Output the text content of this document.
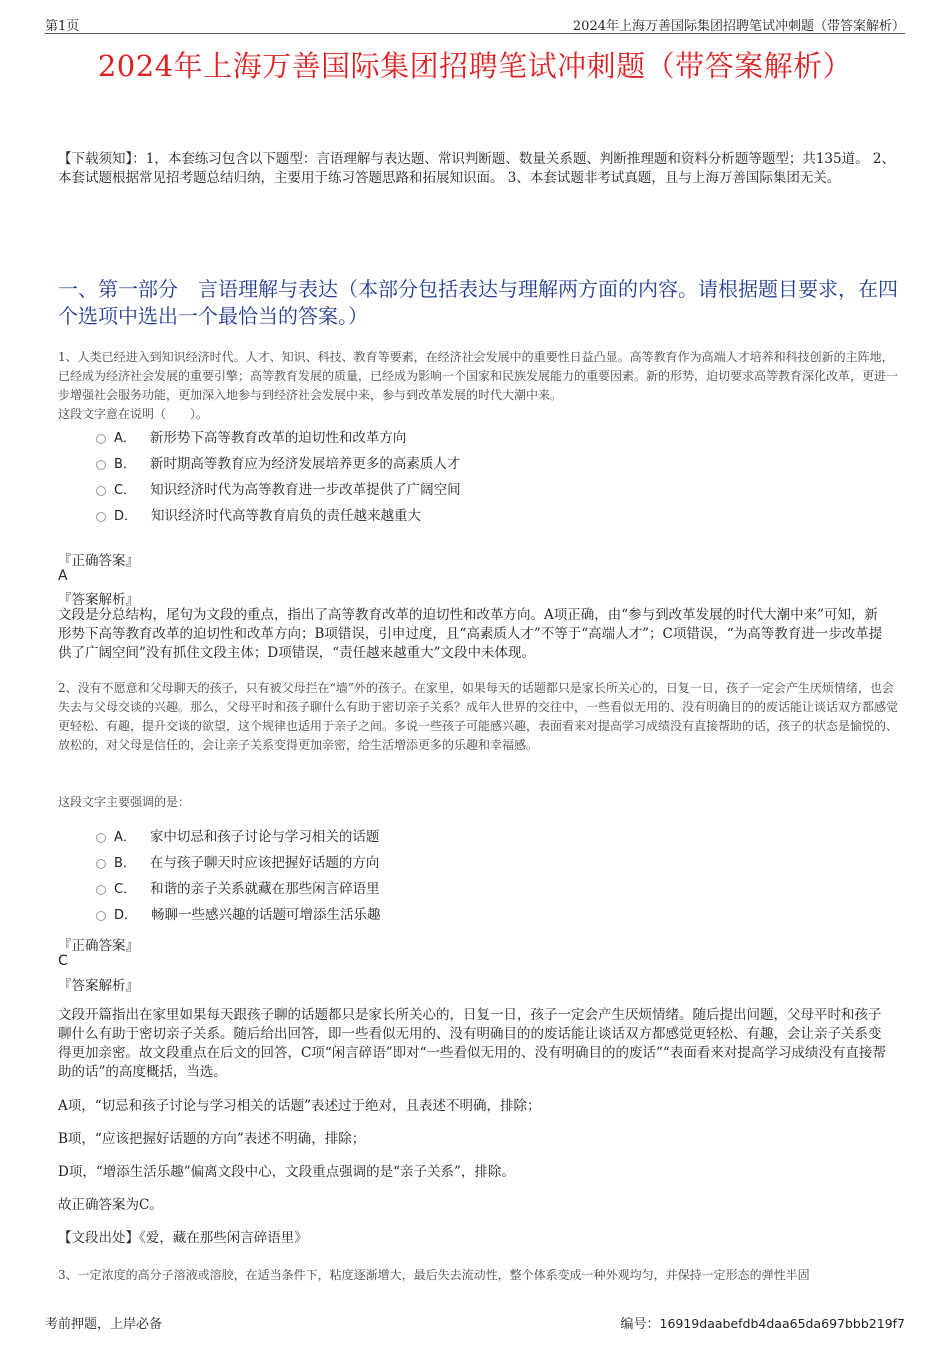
第1页	2024年上海万善国际集团招聘笔试冲刺题（带答案解析）
2024年上海万善国际集团招聘笔试冲刺题（带答案解析）
【下载须知】：1，本套练习包含以下题型：言语理解与表达题、常识判断题、数量关系题、判断推理题和资料分析题等题型；共135道。 2、本套试题根据常见招考题总结归纳，主要用于练习答题思路和拓展知识面。 3、本套试题非考试真题，且与上海万善国际集团无关。
一、第一部分　言语理解与表达（本部分包括表达与理解两方面的内容。请根据题目要求，在四个选项中选出一个最恰当的答案。）

1、人类已经进入到知识经济时代。人才、知识、科技、教育等要素，在经济社会发展中的重要性日益凸显。高等教育作为高端人才培养和科技创新的主阵地，已经成为经济社会发展的重要引擎；高等教育发展的质量，已经成为影响一个国家和民族发展能力的重要因素。新的形势，迫切要求高等教育深化改革，更进一步增强社会服务功能，更加深入地参与到经济社会发展中来，参与到改革发展的时代大潮中来。

这段文字意在说明（　　）。

A． 新形势下高等教育改革的迫切性和改革方向
B． 新时期高等教育应为经济发展培养更多的高素质人才
C． 知识经济时代为高等教育进一步改革提供了广阔空间
D． 知识经济时代高等教育肩负的责任越来越重大
『正确答案』
A
『答案解析』
文段是分总结构，尾句为文段的重点，指出了高等教育改革的迫切性和改革方向。A项正确，由“参与到改革发展的时代大潮中来”可知，新形势下高等教育改革的迫切性和改革方向；B项错误，引申过度，且“高素质人才”不等于“高端人才”；C项错误，“为高等教育进一步改革提供了广阔空间”没有抓住文段主体；D项错误，“责任越来越重大”文段中未体现。

2、没有不愿意和父母聊天的孩子，只有被父母拦在“墙”外的孩子。在家里，如果每天的话题都只是家长所关心的，日复一日，孩子一定会产生厌烦情绪，也会失去与父母交谈的兴趣。那么，父母平时和孩子聊什么有助于密切亲子关系？成年人世界的交往中，一些看似无用的、没有明确目的的废话能让谈话双方都感觉更轻松、有趣，提升交谈的欲望，这个规律也适用于亲子之间。多说一些孩子可能感兴趣，表面看来对提高学习成绩没有直接帮助的话，孩子的状态是愉悦的、放松的，对父母是信任的，会让亲子关系变得更加亲密，给生活增添更多的乐趣和幸福感。

这段文字主要强调的是：
A． 家中切忌和孩子讨论与学习相关的话题
B． 在与孩子聊天时应该把握好话题的方向
C． 和谐的亲子关系就藏在那些闲言碎语里
D． 畅聊一些感兴趣的话题可增添生活乐趣
『正确答案』
C
『答案解析』
文段开篇指出在家里如果每天跟孩子聊的话题都只是家长所关心的，日复一日，孩子一定会产生厌烦情绪。随后提出问题，父母平时和孩子聊什么有助于密切亲子关系。随后给出回答，即一些看似无用的、没有明确目的的废话能让谈话双方都感觉更轻松、有趣，会让亲子关系变得更加亲密。故文段重点在后文的回答，C项“闲言碎语”即对“一些看似无用的、没有明确目的的废话”“表面看来对提高学习成绩没有直接帮助的话”的高度概括，当选。
A项，“切忌和孩子讨论与学习相关的话题”表述过于绝对，且表述不明确，排除；
B项，“应该把握好话题的方向”表述不明确，排除；
D项，“增添生活乐趣”偏离文段中心，文段重点强调的是“亲子关系”，排除。
故正确答案为C。
【文段出处】《爱，藏在那些闲言碎语里》
3、一定浓度的高分子溶液或溶胶，在适当条件下，粘度逐渐增大，最后失去流动性，整个体系变成一种外观均匀，并保持一定形态的弹性半固
考前押题，上岸必备	编号：16919daabefdb4daa65da697bbb219f7
